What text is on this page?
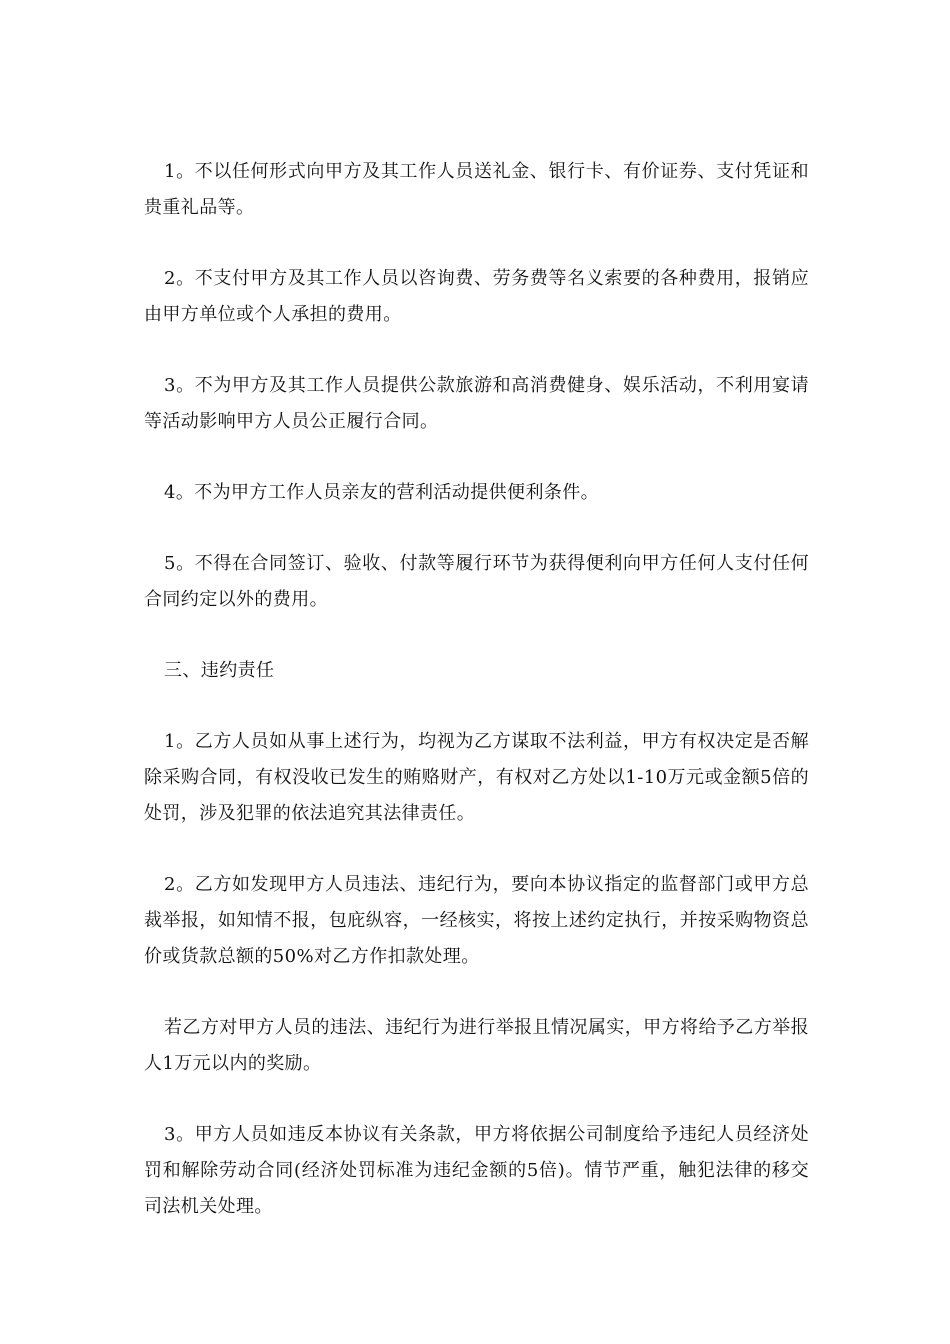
1。不以任何形式向甲方及其工作人员送礼金、银行卡、有价证券、支付凭证和贵重礼品等。

2。不支付甲方及其工作人员以咨询费、劳务费等名义索要的各种费用，报销应由甲方单位或个人承担的费用。

3。不为甲方及其工作人员提供公款旅游和高消费健身、娱乐活动，不利用宴请等活动影响甲方人员公正履行合同。

4。不为甲方工作人员亲友的营利活动提供便利条件。

5。不得在合同签订、验收、付款等履行环节为获得便利向甲方任何人支付任何合同约定以外的费用。

三、违约责任

1。乙方人员如从事上述行为，均视为乙方谋取不法利益，甲方有权决定是否解除采购合同，有权没收已发生的贿赂财产，有权对乙方处以1-10万元或金额5倍的处罚，涉及犯罪的依法追究其法律责任。

2。乙方如发现甲方人员违法、违纪行为，要向本协议指定的监督部门或甲方总裁举报，如知情不报，包庇纵容，一经核实，将按上述约定执行，并按采购物资总价或货款总额的50%对乙方作扣款处理。

若乙方对甲方人员的违法、违纪行为进行举报且情况属实，甲方将给予乙方举报人1万元以内的奖励。

3。甲方人员如违反本协议有关条款，甲方将依据公司制度给予违纪人员经济处罚和解除劳动合同(经济处罚标准为违纪金额的5倍)。情节严重，触犯法律的移交司法机关处理。
